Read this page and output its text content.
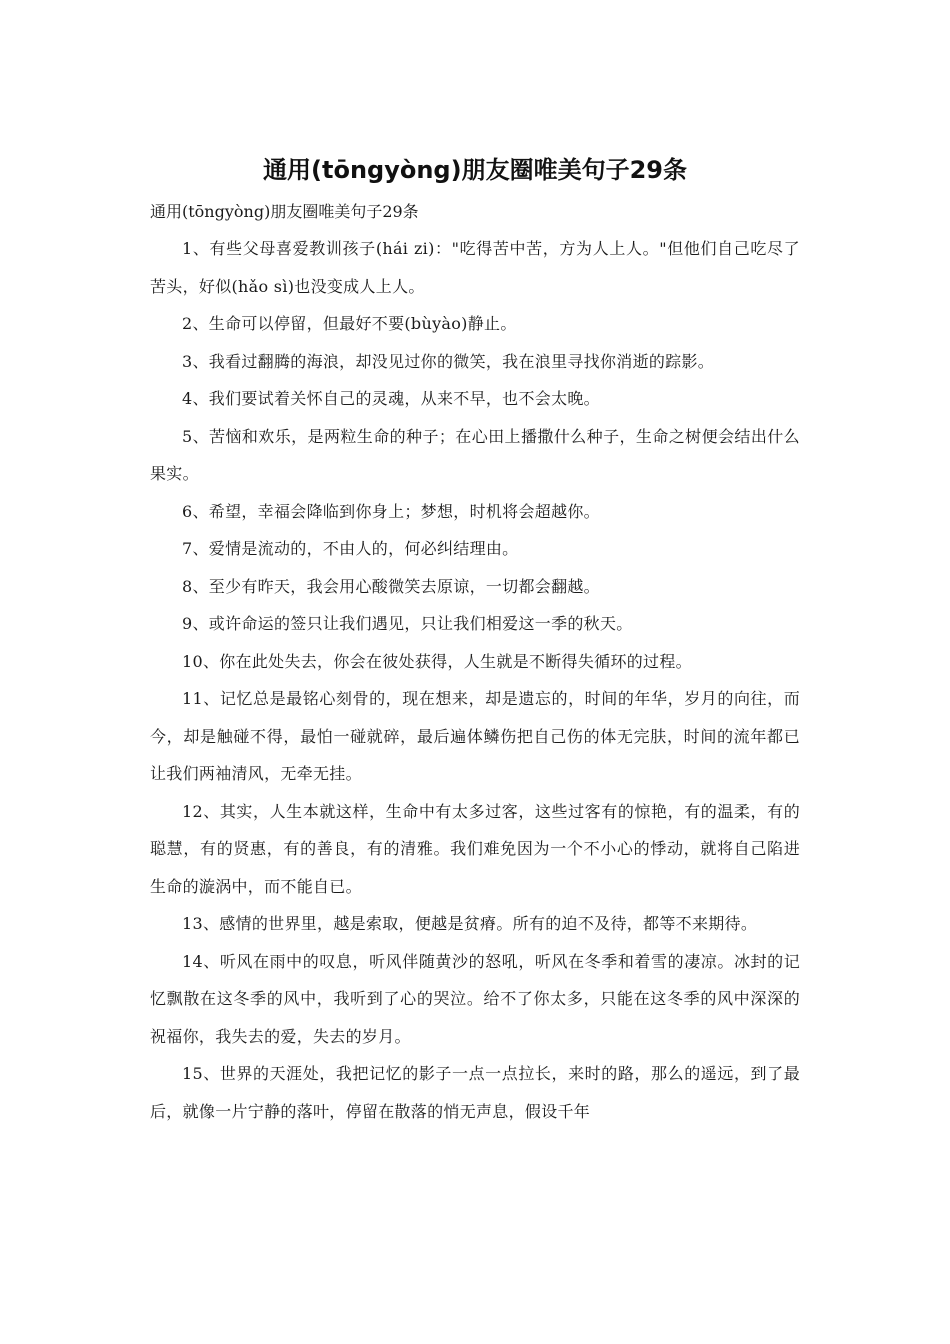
通用(tōngyòng)朋友圈唯美句子29条

通用(tōngyòng)朋友圈唯美句子29条

1、有些父母喜爱教训孩子(hái zi)："吃得苦中苦，方为人上人。"但他们自己吃尽了苦头，好似(hǎo sì)也没变成人上人。

2、生命可以停留，但最好不要(bùyào)静止。

3、我看过翻腾的海浪，却没见过你的微笑，我在浪里寻找你消逝的踪影。

4、我们要试着关怀自己的灵魂，从来不早，也不会太晚。

5、苦恼和欢乐，是两粒生命的种子；在心田上播撒什么种子，生命之树便会结出什么果实。

6、希望，幸福会降临到你身上；梦想，时机将会超越你。

7、爱情是流动的，不由人的，何必纠结理由。

8、至少有昨天，我会用心酸微笑去原谅，一切都会翻越。

9、或许命运的签只让我们遇见，只让我们相爱这一季的秋天。

10、你在此处失去，你会在彼处获得，人生就是不断得失循环的过程。

11、记忆总是最铭心刻骨的，现在想来，却是遗忘的，时间的年华，岁月的向往，而今，却是触碰不得，最怕一碰就碎，最后遍体鳞伤把自己伤的体无完肤，时间的流年都已让我们两袖清风，无牵无挂。

12、其实，人生本就这样，生命中有太多过客，这些过客有的惊艳，有的温柔，有的聪慧，有的贤惠，有的善良，有的清雅。我们难免因为一个不小心的悸动，就将自己陷进生命的漩涡中，而不能自已。

13、感情的世界里，越是索取，便越是贫瘠。所有的迫不及待，都等不来期待。

14、听风在雨中的叹息，听风伴随黄沙的怒吼，听风在冬季和着雪的凄凉。冰封的记忆飘散在这冬季的风中，我听到了心的哭泣。给不了你太多，只能在这冬季的风中深深的祝福你，我失去的爱，失去的岁月。

15、世界的天涯处，我把记忆的影子一点一点拉长，来时的路，那么的遥远，到了最后，就像一片宁静的落叶，停留在散落的悄无声息，假设千年
